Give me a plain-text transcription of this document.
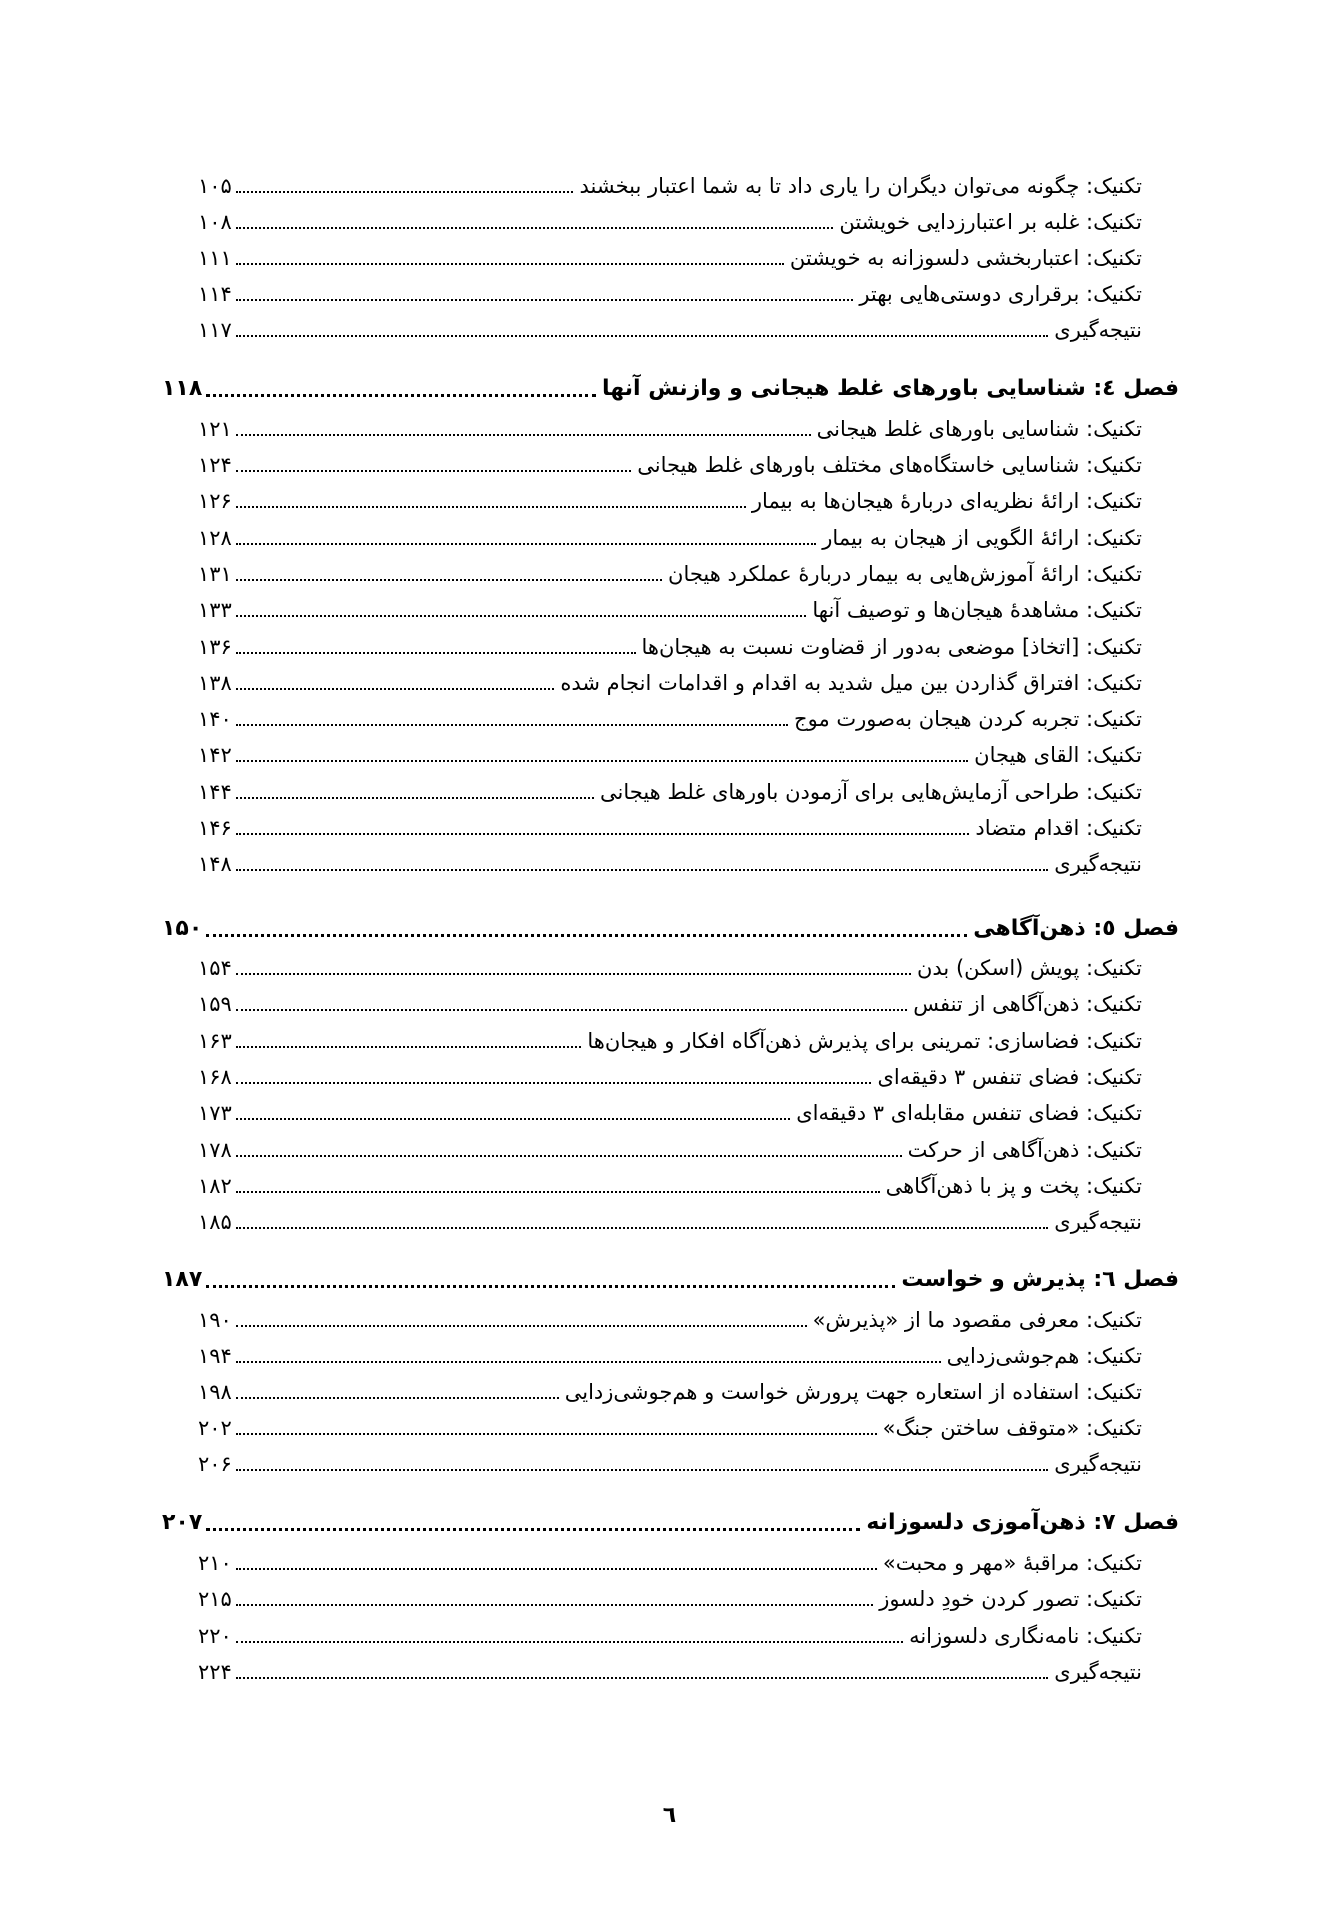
تکنیک: چگونه می‌توان دیگران را یاری داد تا به شما اعتبار ببخشند
۱۰۵
تکنیک: غلبه بر اعتبارزدایی خویشتن
۱۰۸
تکنیک: اعتباربخشی دلسوزانه به خویشتن
۱۱۱
تکنیک: برقراری دوستی‌هایی بهتر
۱۱۴
نتیجه‌گیری
۱۱۷
فصل ٤: شناسایی باورهای غلط هیجانی و وازنش آنها
۱۱۸
تکنیک: شناسایی باورهای غلط هیجانی
۱۲۱
تکنیک: شناسایی خاستگاه‌های مختلف باورهای غلط هیجانی
۱۲۴
تکنیک: ارائهٔ نظریه‌ای دربارهٔ هیجان‌ها به بیمار
۱۲۶
تکنیک: ارائهٔ الگویی از هیجان به بیمار
۱۲۸
تکنیک: ارائهٔ آموزش‌هایی به بیمار دربارهٔ عملکرد هیجان
۱۳۱
تکنیک: مشاهدهٔ هیجان‌ها و توصیف آنها
۱۳۳
تکنیک: [اتخاذ] موضعی به‌دور از قضاوت نسبت به هیجان‌ها
۱۳۶
تکنیک: افتراق گذاردن بین میل شدید به اقدام و اقدامات انجام شده
۱۳۸
تکنیک: تجربه کردن هیجان به‌صورت موج
۱۴۰
تکنیک: القای هیجان
۱۴۲
تکنیک: طراحی آزمایش‌هایی برای آزمودن باورهای غلط هیجانی
۱۴۴
تکنیک: اقدام متضاد
۱۴۶
نتیجه‌گیری
۱۴۸
فصل ٥: ذهن‌آگاهی
۱۵۰
تکنیک: پویش (اسکن) بدن
۱۵۴
تکنیک: ذهن‌آگاهی از تنفس
۱۵۹
تکنیک: فضاسازی: تمرینی برای پذیرش ذهن‌آگاه افکار و هیجان‌ها
۱۶۳
تکنیک: فضای تنفس ۳ دقیقه‌ای
۱۶۸
تکنیک: فضای تنفس مقابله‌ای ۳ دقیقه‌ای
۱۷۳
تکنیک: ذهن‌آگاهی از حرکت
۱۷۸
تکنیک: پخت و پز با ذهن‌آگاهی
۱۸۲
نتیجه‌گیری
۱۸۵
فصل ٦: پذیرش و خواست
۱۸۷
تکنیک: معرفی مقصود ما از «پذیرش»
۱۹۰
تکنیک: هم‌جوشی‌زدایی
۱۹۴
تکنیک: استفاده از استعاره جهت پرورش خواست و هم‌جوشی‌زدایی
۱۹۸
تکنیک: «متوقف ساختن جنگ»
۲۰۲
نتیجه‌گیری
۲۰۶
فصل ٧: ذهن‌آموزی دلسوزانه
۲۰۷
تکنیک: مراقبهٔ «مهر و محبت»
۲۱۰
تکنیک: تصور کردن خودِ دلسوز
۲۱۵
تکنیک: نامه‌نگاری دلسوزانه
۲۲۰
نتیجه‌گیری
۲۲۴
٦
